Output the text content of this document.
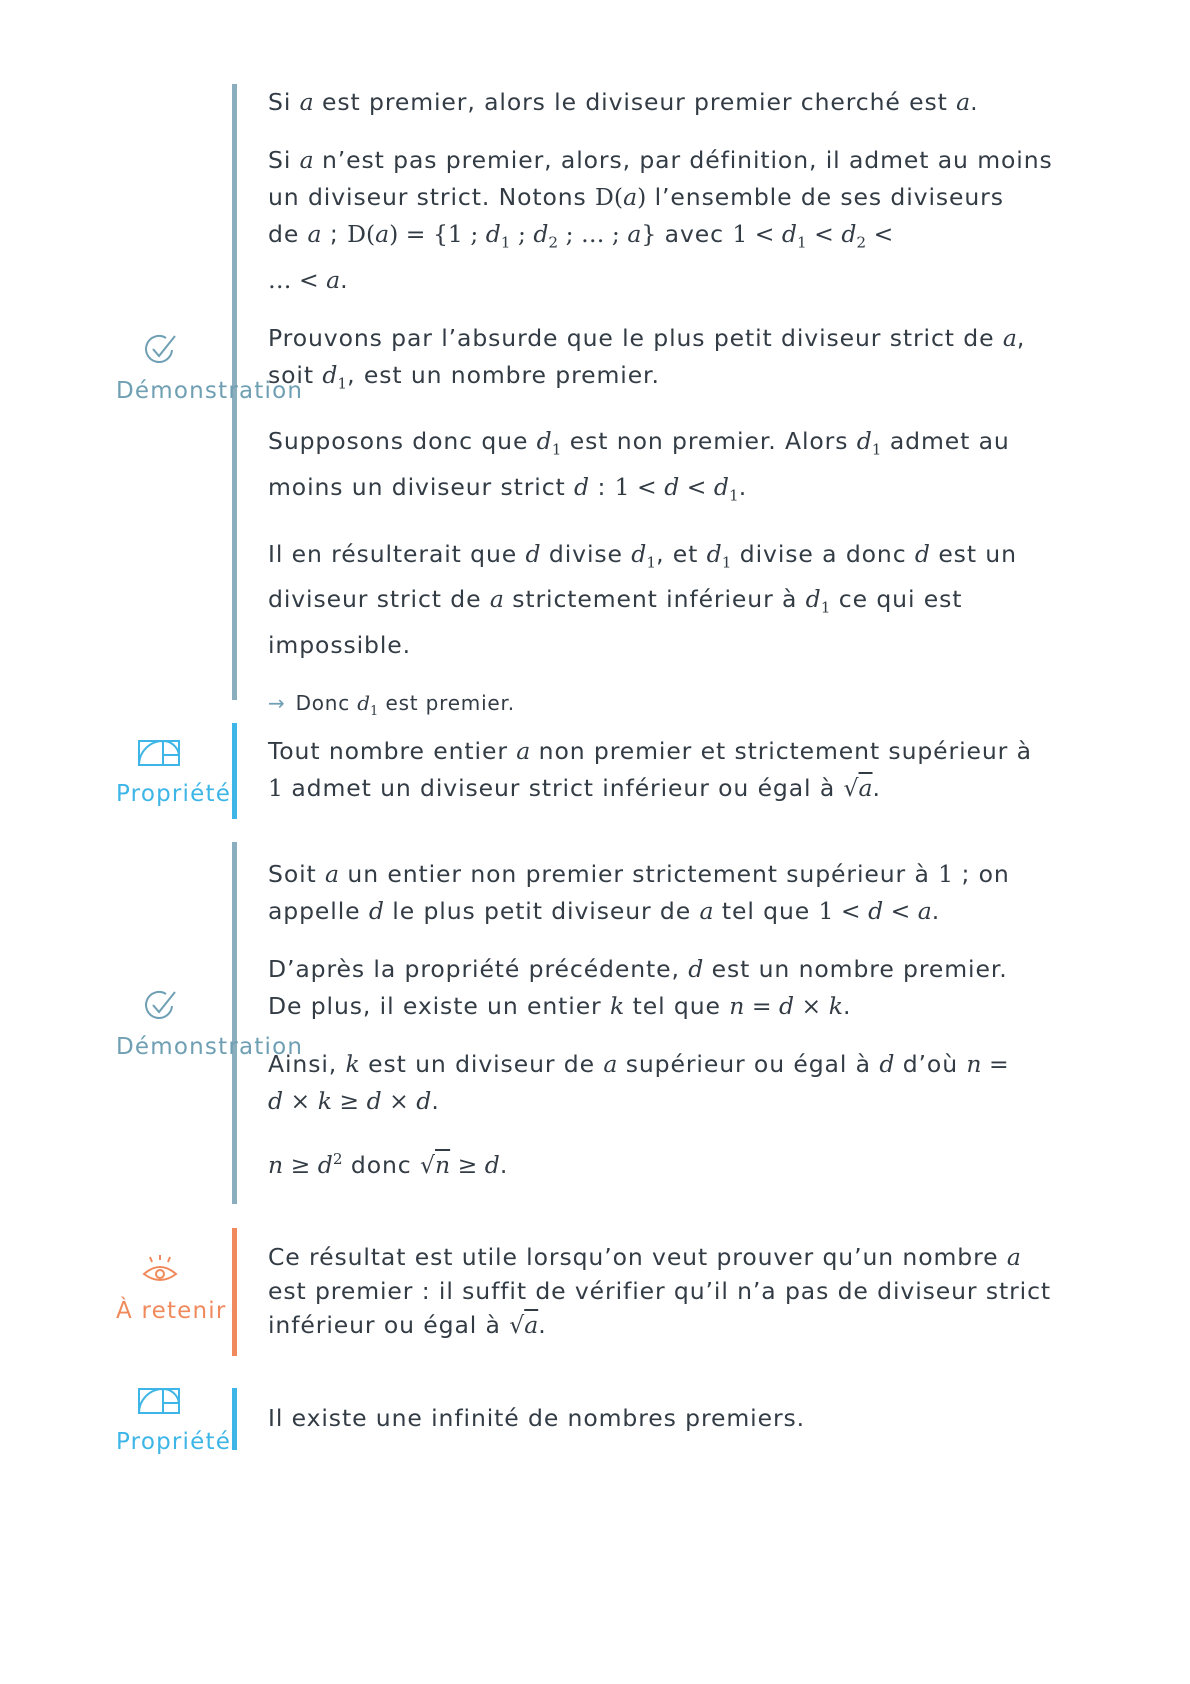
Démonstration

Si a est premier, alors le diviseur premier cherché est a.

Si a n’est pas premier, alors, par définition, il admet au moins

un diviseur strict. Notons D(a) l’ensemble de ses diviseurs

de a ; D(a) = {1 ; $d_1$ ; $d_2$ ; … ; a} avec $1 < d_1 < d_2$ <

… < a.

Prouvons par l’absurde que le plus petit diviseur strict de a,

soit $d_1$, est un nombre premier.

Supposons donc que $d_1$ est non premier. Alors $d_1$ admet au

moins un diviseur strict d : $1 < d < d_1$.

Il en résulterait que d divise $d_1$, et $d_1$ divise a donc d est un

diviseur strict de a strictement inférieur à $d_1$ ce qui est

impossible.

→ Donc $d_1$ est premier.

Propriété

Tout nombre entier a non premier et strictement supérieur à

1 admet un diviseur strict inférieur ou égal à √a.

Démonstration

Soit a un entier non premier strictement supérieur à 1 ; on

appelle d le plus petit diviseur de a tel que 1 < d < a.

D’après la propriété précédente, d est un nombre premier.

De plus, il existe un entier k tel que n = d × k.

Ainsi, k est un diviseur de a supérieur ou égal à d d’où n =

d × k ≥ d × d.

$n \ge d^2$ donc √n ≥ d.

À retenir

Ce résultat est utile lorsqu’on veut prouver qu’un nombre a

est premier : il suffit de vérifier qu’il n’a pas de diviseur strict

inférieur ou égal à √a.

Propriété

Il existe une infinité de nombres premiers.
